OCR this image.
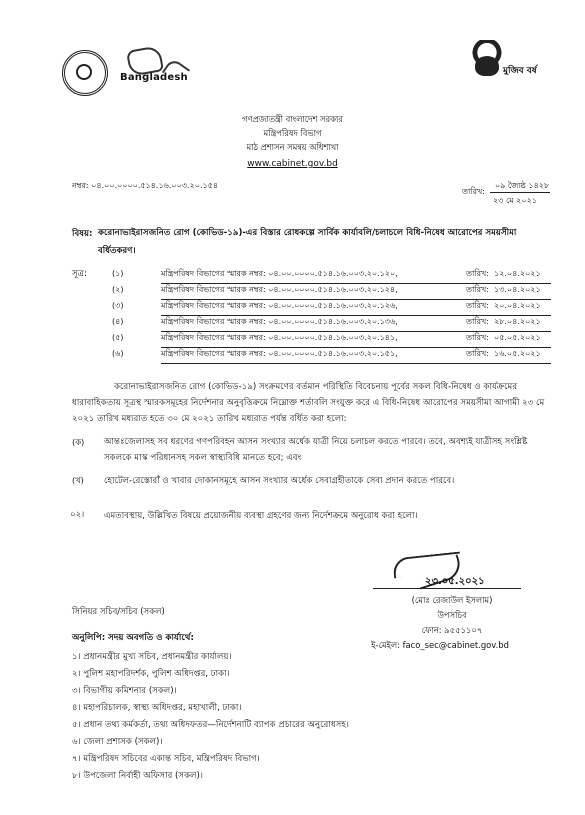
Bangladesh
মুজিব বর্ষ
গণপ্রজাতন্ত্রী বাংলাদেশ সরকার
মন্ত্রিপরিষদ বিভাগ
মাঠ প্রশাসন সমন্বয় অধিশাখা
www.cabinet.gov.bd
নম্বর: ০৪.০০.০০০০.৫১৪.১৬.০০৩.২০.১৫৪
তারিখ:
০৯ জ্যৈষ্ঠ ১৪২৮
২৩ মে ২০২১
বিষয়: করোনাভাইরাসজনিত রোগ (কোভিড-১৯)-এর বিস্তার রোধকল্পে সার্বিক কার্যাবলি/চলাচলে বিধি-নিষেধ আরোপের সময়সীমা বর্ধিতকরণ।
সূত্র:	(১)	মন্ত্রিপরিষদ বিভাগের স্মারক নম্বর: ০৪.০০.০০০০.৫১৪.১৬.০০৩.২০.১২০,	তারিখ: ১২.০৪.২০২১
(২)	মন্ত্রিপরিষদ বিভাগের স্মারক নম্বর: ০৪.০০.০০০০.৫১৪.১৬.০০৩.২০.১২৪,	তারিখ: ১৩.০৪.২০২১
(৩)	মন্ত্রিপরিষদ বিভাগের স্মারক নম্বর: ০৪.০০.০০০০.৫১৪.১৬.০০৩.২০.১২৬,	তারিখ: ২০.০৪.২০২১
(৪)	মন্ত্রিপরিষদ বিভাগের স্মারক নম্বর: ০৪.০০.০০০০.৫১৪.১৬.০০৩.২০.১৩৬,	তারিখ: ২৮.০৪.২০২১
(৫)	মন্ত্রিপরিষদ বিভাগের স্মারক নম্বর: ০৪.০০.০০০০.৫১৪.১৬.০০৩.২০.১৪১,	তারিখ: ০৫.০৫.২০২১
(৬)	মন্ত্রিপরিষদ বিভাগের স্মারক নম্বর: ০৪.০০.০০০০.৫১৪.১৬.০০৩.২০.১৫১,	তারিখ: ১৬.০৫.২০২১
করোনাভাইরাসজনিত রোগ (কোভিড-১৯) সংক্রমণের বর্তমান পরিস্থিতি বিবেচনায় পূর্বের সকল বিধি-নিষেধ ও কার্যক্রমের ধারাবাহিকতায় সূত্রস্থ স্মারকসমূহের নির্দেশনার অনুবৃত্তিক্রমে নিম্নোক্ত শর্তাবলি সংযুক্ত করে এ বিধি-নিষেধ আরোপের সময়সীমা আগামী ২৩ মে ২০২১ তারিখ মধ্যরাত হতে ৩০ মে ২০২১ তারিখ মধ্যরাত পর্যন্ত বর্ধিত করা হলো:
(ক) আন্তঃজেলাসহ সব ধরণের গণপরিবহন আসন সংখ্যার অর্ধেক যাত্রী নিয়ে চলাচল করতে পারবে। তবে, অবশ্যই যাত্রীসহ সংশ্লিষ্ট সকলকে মাস্ক পরিধানসহ সকল স্বাস্থ্যবিধি মানতে হবে; এবং
(খ) হোটেল-রেস্তোরাঁ ও খাবার দোকানসমূহে আসন সংখ্যার অর্ধেক সেবাগ্রহীতাকে সেবা প্রদান করতে পারবে।
০২। এমতাবস্থায়, উল্লিখিত বিষয়ে প্রয়োজনীয় ব্যবস্থা গ্রহণের জন্য নির্দেশক্রমে অনুরোধ করা হলো।
২৩.০৫.২০২১
(মোঃ রেজাউল ইসলাম)
উপসচিব
ফোন: ৯৫৫১১০৭
ই-মেইল: faco_sec@cabinet.gov.bd
সিনিয়র সচিব/সচিব (সকল)
অনুলিপি: সদয় অবগতি ও কার্যার্থে:
১। প্রধানমন্ত্রীর মুখ্য সচিব, প্রধানমন্ত্রীর কার্যালয়।
২। পুলিশ মহাপরিদর্শক, পুলিশ অধিদপ্তর, ঢাকা।
৩। বিভাগীয় কমিশনার (সকল)।
৪। মহাপরিচালক, স্বাস্থ্য অধিদপ্তর, মহাখালী, ঢাকা।
৫। প্রধান তথ্য কর্মকর্তা, তথ্য অধিদফতর—নির্দেশনাটি ব্যাপক প্রচারের অনুরোধসহ।
৬। জেলা প্রশাসক (সকল)।
৭। মন্ত্রিপরিষদ সচিবের একান্ত সচিব, মন্ত্রিপরিষদ বিভাগ।
৮। উপজেলা নির্বাহী অফিসার (সকল)।
